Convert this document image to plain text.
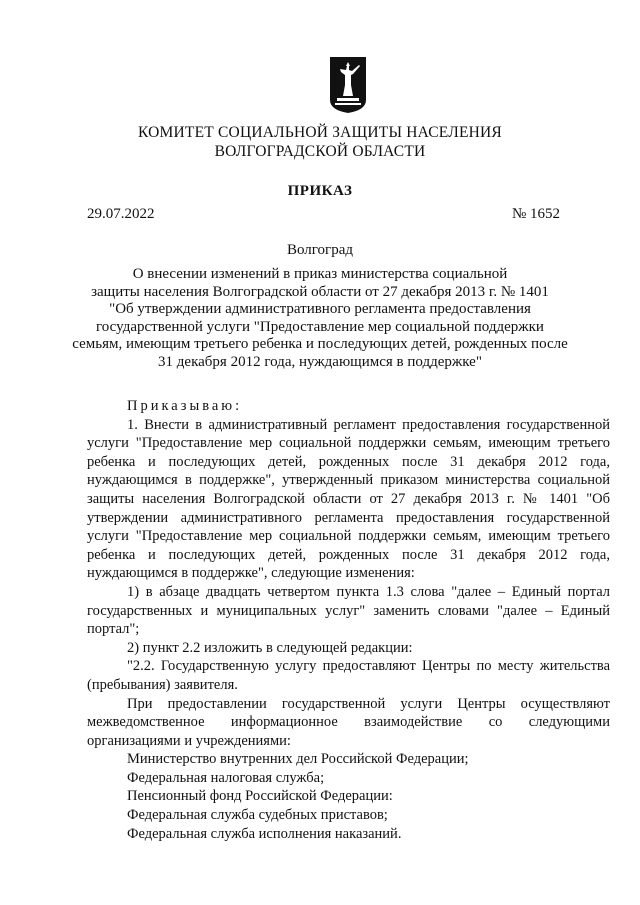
КОМИТЕТ СОЦИАЛЬНОЙ ЗАЩИТЫ НАСЕЛЕНИЯ
ВОЛГОГРАДСКОЙ ОБЛАСТИ
ПРИКАЗ
29.07.2022	№ 1652
Волгоград
О внесении изменений в приказ министерства социальной
защиты населения Волгоградской области от 27 декабря 2013 г. № 1401
"Об утверждении административного регламента предоставления
государственной услуги "Предоставление мер социальной поддержки
семьям, имеющим третьего ребенка и последующих детей, рожденных после
31 декабря 2012 года, нуждающимся в поддержке"

Приказываю:

1. Внести в административный регламент предоставления государственной услуги "Предоставление мер социальной поддержки семьям, имеющим третьего ребенка и последующих детей, рожденных после 31 декабря 2012 года, нуждающимся в поддержке", утвержденный приказом министерства социальной защиты населения Волгоградской области от 27 декабря 2013 г. № 1401 "Об утверждении административного регламента предоставления государственной услуги "Предоставление мер социальной поддержки семьям, имеющим третьего ребенка и последующих детей, рожденных после 31 декабря 2012 года, нуждающимся в поддержке", следующие изменения:

1) в абзаце двадцать четвертом пункта 1.3 слова "далее – Единый портал государственных и муниципальных услуг" заменить словами "далее – Единый портал";

2) пункт 2.2 изложить в следующей редакции:

"2.2. Государственную услугу предоставляют Центры по месту жительства (пребывания) заявителя.

При предоставлении государственной услуги Центры осуществляют межведомственное информационное взаимодействие со следующими организациями и учреждениями:

Министерство внутренних дел Российской Федерации;

Федеральная налоговая служба;

Пенсионный фонд Российской Федерации:

Федеральная служба судебных приставов;

Федеральная служба исполнения наказаний.
